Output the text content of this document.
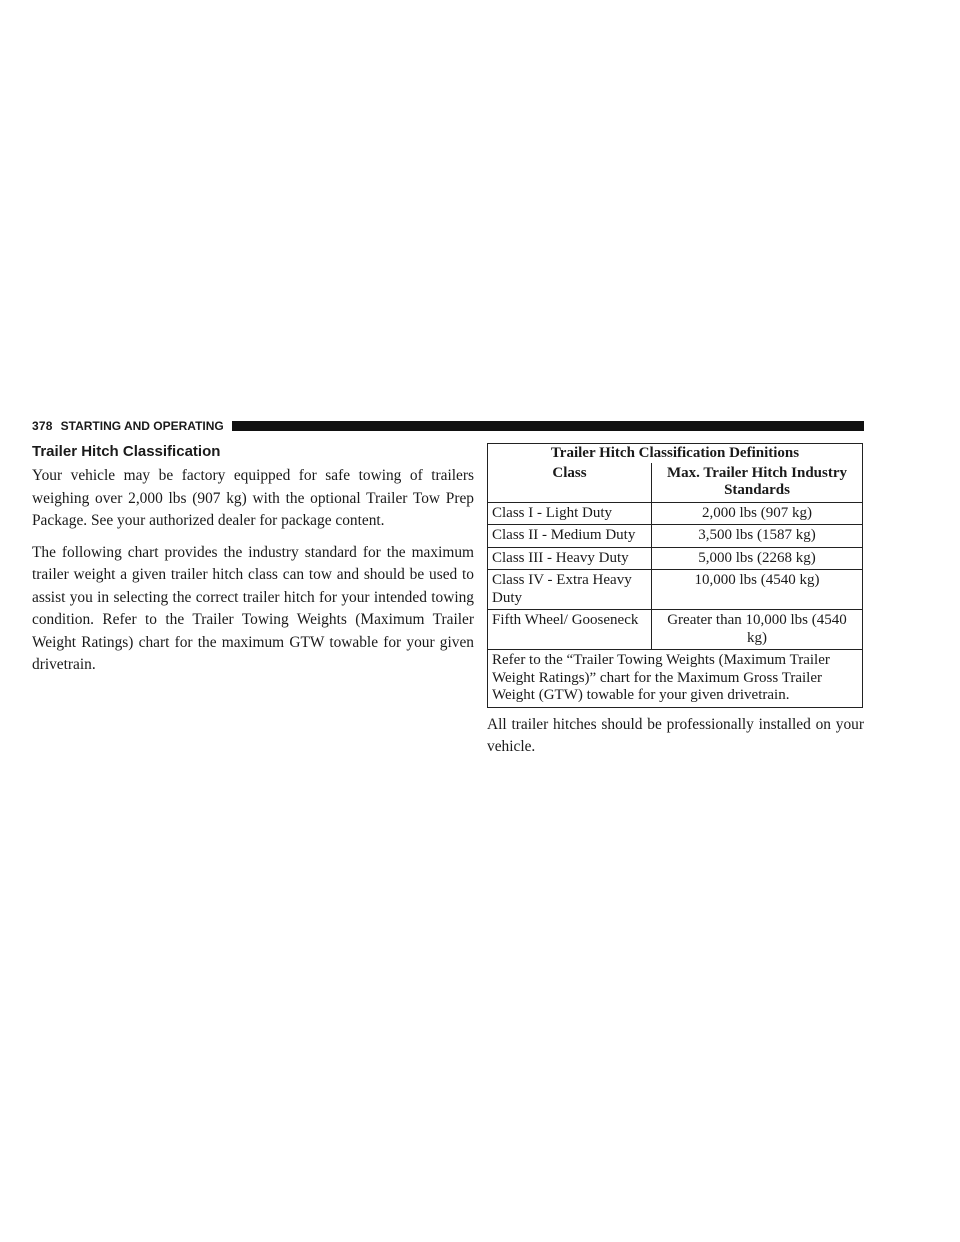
378 STARTING AND OPERATING
Trailer Hitch Classification

Your vehicle may be factory equipped for safe towing of trailers weighing over 2,000 lbs (907 kg) with the optional Trailer Tow Prep Package. See your authorized dealer for package content.

The following chart provides the industry standard for the maximum trailer weight a given trailer hitch class can tow and should be used to assist you in selecting the correct trailer hitch for your intended towing condition. Refer to the Trailer Towing Weights (Maximum Trailer Weight Ratings) chart for the maximum GTW towable for your given drivetrain.

Trailer Hitch Classification Definitions	
Class	Max. Trailer Hitch Industry Standards
Class I - Light Duty	2,000 lbs (907 kg)
Class II - Medium Duty	3,500 lbs (1587 kg)
Class III - Heavy Duty	5,000 lbs (2268 kg)
Class IV - Extra Heavy Duty	10,000 lbs (4540 kg)
Fifth Wheel/ Gooseneck	Greater than 10,000 lbs (4540 kg)
Refer to the “Trailer Towing Weights (Maximum Trailer Weight Ratings)” chart for the Maximum Gross Trailer Weight (GTW) towable for your given drivetrain.	

All trailer hitches should be professionally installed on your vehicle.
